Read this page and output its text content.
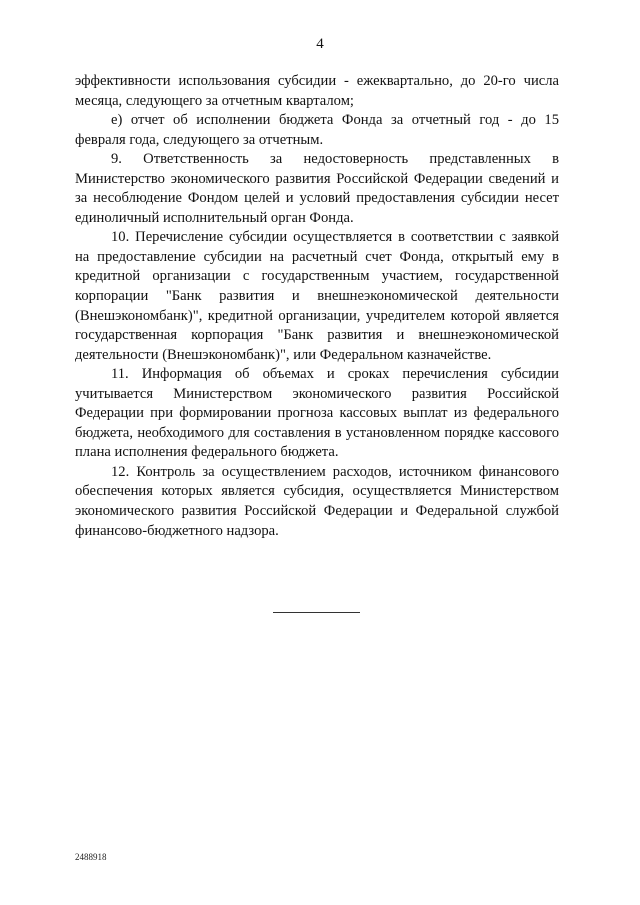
4

эффективности использования субсидии - ежеквартально, до 20-го числа месяца, следующего за отчетным кварталом;

е) отчет об исполнении бюджета Фонда за отчетный год - до 15 февраля года, следующего за отчетным.

9. Ответственность за недостоверность представленных в Министерство экономического развития Российской Федерации сведений и за несоблюдение Фондом целей и условий предоставления субсидии несет единоличный исполнительный орган Фонда.

10. Перечисление субсидии осуществляется в соответствии с заявкой на предоставление субсидии на расчетный счет Фонда, открытый ему в кредитной организации с государственным участием, государственной корпорации "Банк развития и внешнеэкономической деятельности (Внешэкономбанк)", кредитной организации, учредителем которой является государственная корпорация "Банк развития и внешнеэкономической деятельности (Внешэкономбанк)", или Федеральном казначействе.

11. Информация об объемах и сроках перечисления субсидии учитывается Министерством экономического развития Российской Федерации при формировании прогноза кассовых выплат из федерального бюджета, необходимого для составления в установленном порядке кассового плана исполнения федерального бюджета.

12. Контроль за осуществлением расходов, источником финансового обеспечения которых является субсидия, осуществляется Министерством экономического развития Российской Федерации и Федеральной службой финансово-бюджетного надзора.

2488918
